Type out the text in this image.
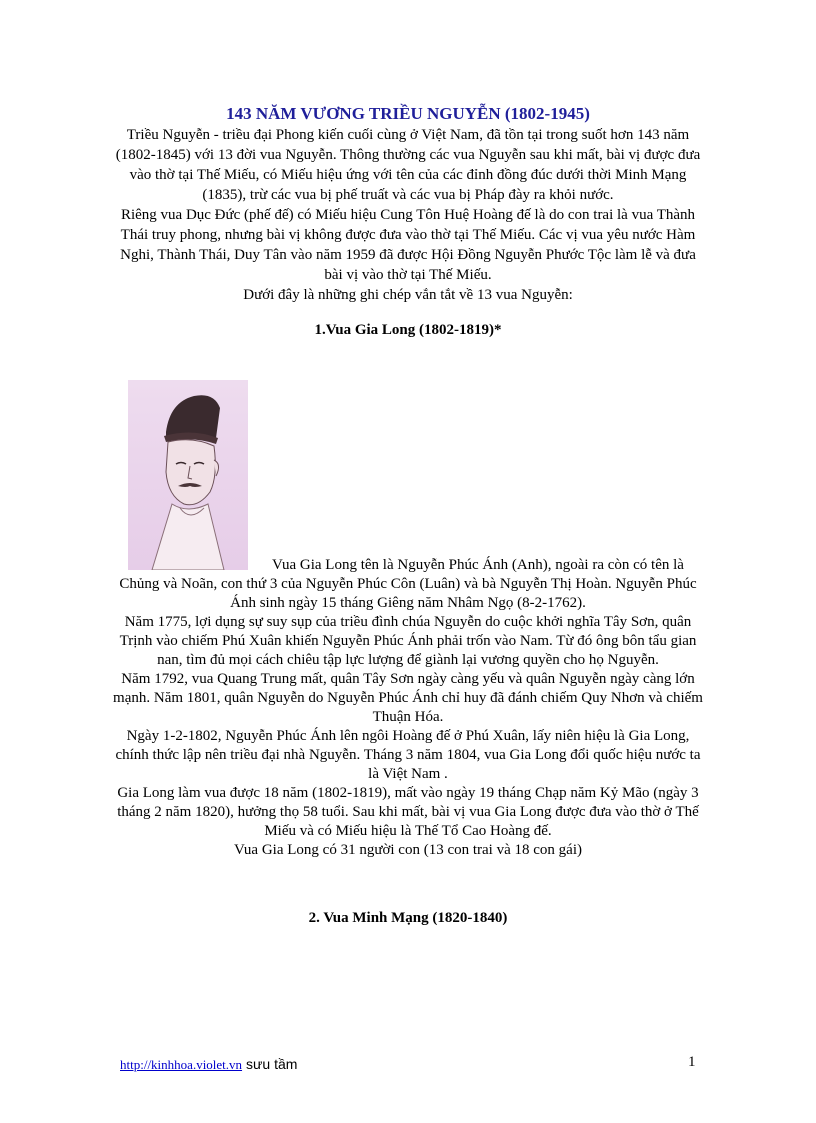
143 NĂM VƯƠNG TRIỀU NGUYỄN (1802-1945)

Triều Nguyễn - triều đại Phong kiến cuối cùng ở Việt Nam, đã tồn tại trong suốt hơn 143 năm (1802-1845) với 13 đời vua Nguyễn. Thông thường các vua Nguyễn sau khi mất, bài vị được đưa vào thờ tại Thế Miếu, có Miếu hiệu ứng với tên của các đỉnh đồng đúc dưới thời Minh Mạng (1835), trừ các vua bị phế truất và các vua bị Pháp đày ra khỏi nước.

Riêng vua Dục Đức (phế đế) có Miếu hiệu Cung Tôn Huệ Hoàng đế là do con trai là vua Thành Thái truy phong, nhưng bài vị không được đưa vào thờ tại Thế Miếu. Các vị vua yêu nước Hàm Nghi, Thành Thái, Duy Tân vào năm 1959 đã được Hội Đồng Nguyễn Phước Tộc làm lễ và đưa bài vị vào thờ tại Thế Miếu.

Dưới đây là những ghi chép vắn tắt về 13 vua Nguyễn:

1.Vua Gia Long (1802-1819)*

Vua Gia Long tên là Nguyễn Phúc Ánh (Anh), ngoài ra còn có tên là

Chủng và Noãn, con thứ 3 của Nguyễn Phúc Côn (Luân) và bà Nguyễn Thị Hoàn. Nguyễn Phúc Ánh sinh ngày 15 tháng Giêng năm Nhâm Ngọ (8-2-1762).

Năm 1775, lợi dụng sự suy sụp của triều đình chúa Nguyễn do cuộc khởi nghĩa Tây Sơn, quân Trịnh vào chiếm Phú Xuân khiến Nguyễn Phúc Ánh phải trốn vào Nam. Từ đó ông bôn tẩu gian nan, tìm đủ mọi cách chiêu tập lực lượng để giành lại vương quyền cho họ Nguyễn.

Năm 1792, vua Quang Trung mất, quân Tây Sơn ngày càng yếu và quân Nguyễn ngày càng lớn mạnh. Năm 1801, quân Nguyễn do Nguyễn Phúc Ánh chỉ huy đã đánh chiếm Quy Nhơn và chiếm Thuận Hóa.

Ngày 1-2-1802, Nguyễn Phúc Ánh lên ngôi Hoàng đế ở Phú Xuân, lấy niên hiệu là Gia Long, chính thức lập nên triều đại nhà Nguyễn. Tháng 3 năm 1804, vua Gia Long đổi quốc hiệu nước ta là Việt Nam .

Gia Long làm vua được 18 năm (1802-1819), mất vào ngày 19 tháng Chạp năm Kỷ Mão (ngày 3 tháng 2 năm 1820), hưởng thọ 58 tuổi. Sau khi mất, bài vị vua Gia Long được đưa vào thờ ở Thế Miếu và có Miếu hiệu là Thế Tổ Cao Hoàng đế.

Vua Gia Long có 31 người con (13 con trai và 18 con gái)

2. Vua Minh Mạng (1820-1840)
http://kinhhoa.violet.vn sưu tầm	1
